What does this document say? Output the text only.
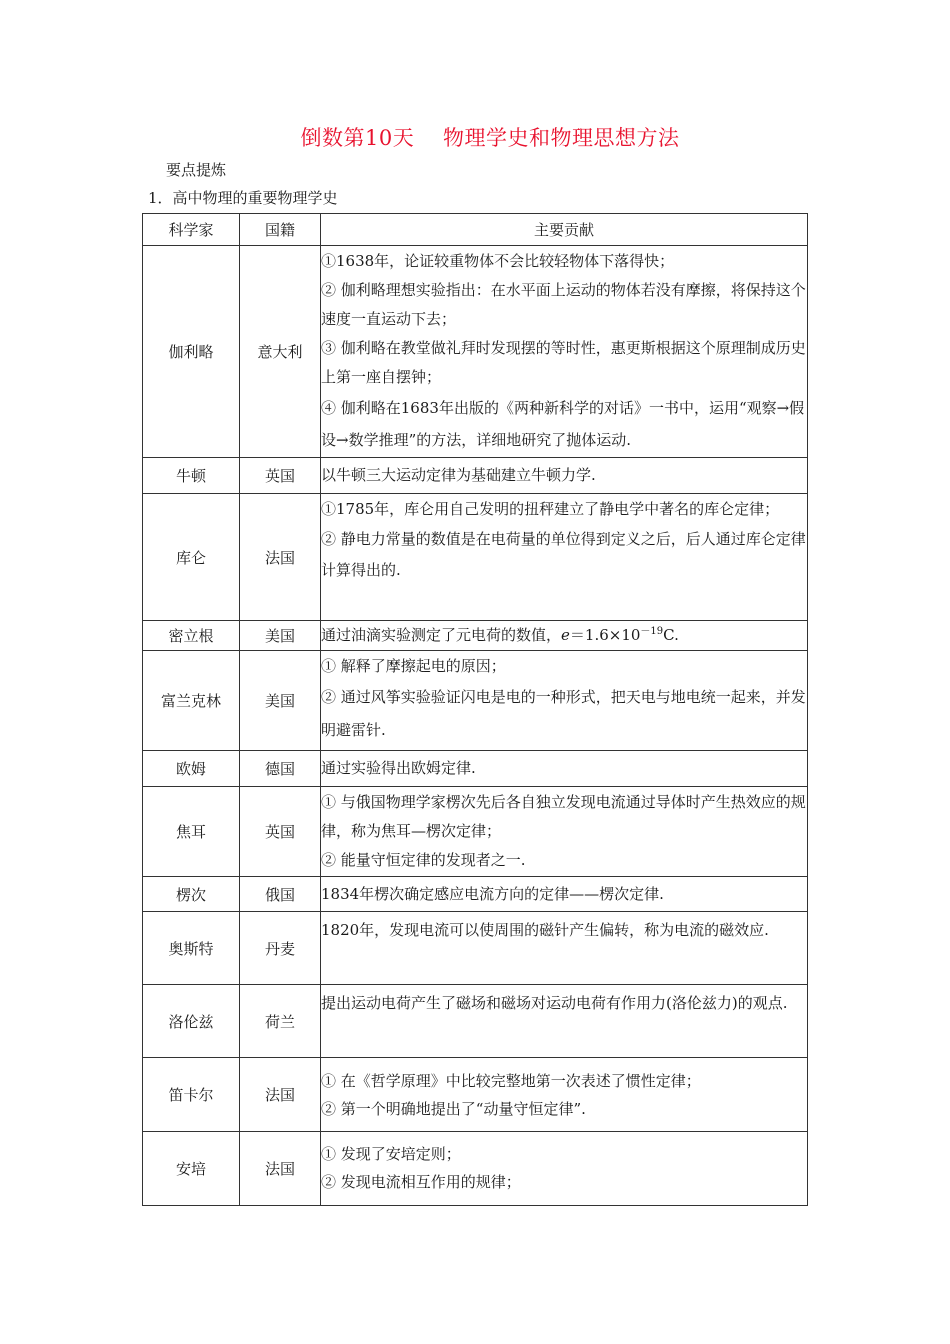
倒数第10天    物理学史和物理思想方法
要点提炼
1．高中物理的重要物理学史
科学家	国籍	主要贡献
伽利略	意大利	①1638年，论证较重物体不会比较轻物体下落得快；
② 伽利略理想实验指出：在水平面上运动的物体若没有摩擦，将保持这个速度一直运动下去；
③ 伽利略在教堂做礼拜时发现摆的等时性，惠更斯根据这个原理制成历史上第一座自摆钟；
④ 伽利略在1683年出版的《两种新科学的对话》一书中，运用“观察→假设→数学推理”的方法，详细地研究了抛体运动.

牛顿	英国	以牛顿三大运动定律为基础建立牛顿力学.

库仑	法国	①1785年，库仑用自己发明的扭秤建立了静电学中著名的库仑定律；
② 静电力常量的数值是在电荷量的单位得到定义之后，后人通过库仑定律计算得出的.

密立根	美国	通过油滴实验测定了元电荷的数值，$e=1.6\times 10^{-19}C$.

富兰克林	美国	① 解释了摩擦起电的原因；
② 通过风筝实验验证闪电是电的一种形式，把天电与地电统一起来，并发明避雷针.

欧姆	德国	通过实验得出欧姆定律.

焦耳	英国	① 与俄国物理学家楞次先后各自独立发现电流通过导体时产生热效应的规律，称为焦耳—楞次定律；
② 能量守恒定律的发现者之一.

楞次	俄国	1834年楞次确定感应电流方向的定律——楞次定律.

奥斯特	丹麦	1820年，发现电流可以使周围的磁针产生偏转，称为电流的磁效应.

洛伦兹	荷兰	提出运动电荷产生了磁场和磁场对运动电荷有作用力(洛伦兹力)的观点.

笛卡尔	法国	① 在《哲学原理》中比较完整地第一次表述了惯性定律；
② 第一个明确地提出了“动量守恒定律”.

安培	法国	① 发现了安培定则；
② 发现电流相互作用的规律；
